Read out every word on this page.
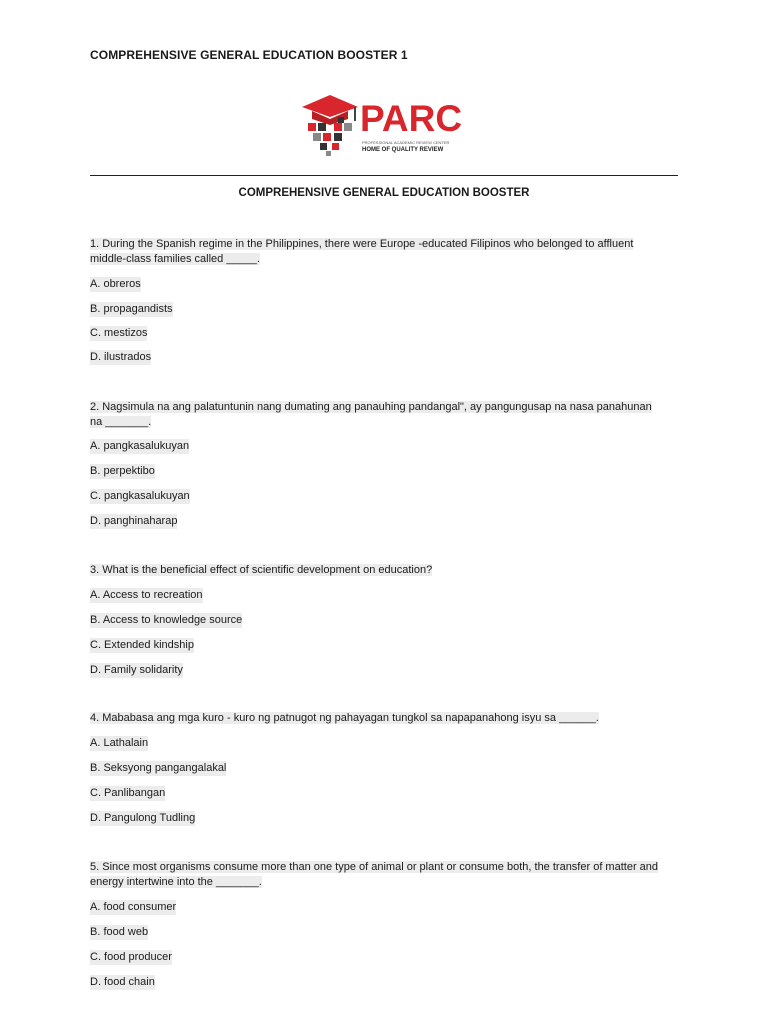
COMPREHENSIVE GENERAL EDUCATION BOOSTER 1
PARC
PROFESSIONAL ACADEMIC REVIEW CENTER
HOME OF QUALITY REVIEW
COMPREHENSIVE GENERAL EDUCATION BOOSTER
1. During the Spanish regime in the Philippines, there were Europe -educated Filipinos who belonged to affluent
middle-class families called _____.
A. obreros
B. propagandists
C. mestizos
D. ilustrados
2. Nagsimula na ang palatuntunin nang dumating ang panauhing pandangal", ay pangungusap na nasa panahunan
na _______.
A. pangkasalukuyan
B. perpektibo
C. pangkasalukuyan
D. panghinaharap
3. What is the beneficial effect of scientific development on education?
A. Access to recreation
B. Access to knowledge source
C. Extended kindship
D. Family solidarity
4. Mababasa ang mga kuro - kuro ng patnugot ng pahayagan tungkol sa napapanahong isyu sa ______.
A. Lathalain
B. Seksyong pangangalakal
C. Panlibangan
D. Pangulong Tudling
5. Since most organisms consume more than one type of animal or plant or consume both, the transfer of matter and
energy intertwine into the _______.
A. food consumer
B. food web
C. food producer
D. food chain
